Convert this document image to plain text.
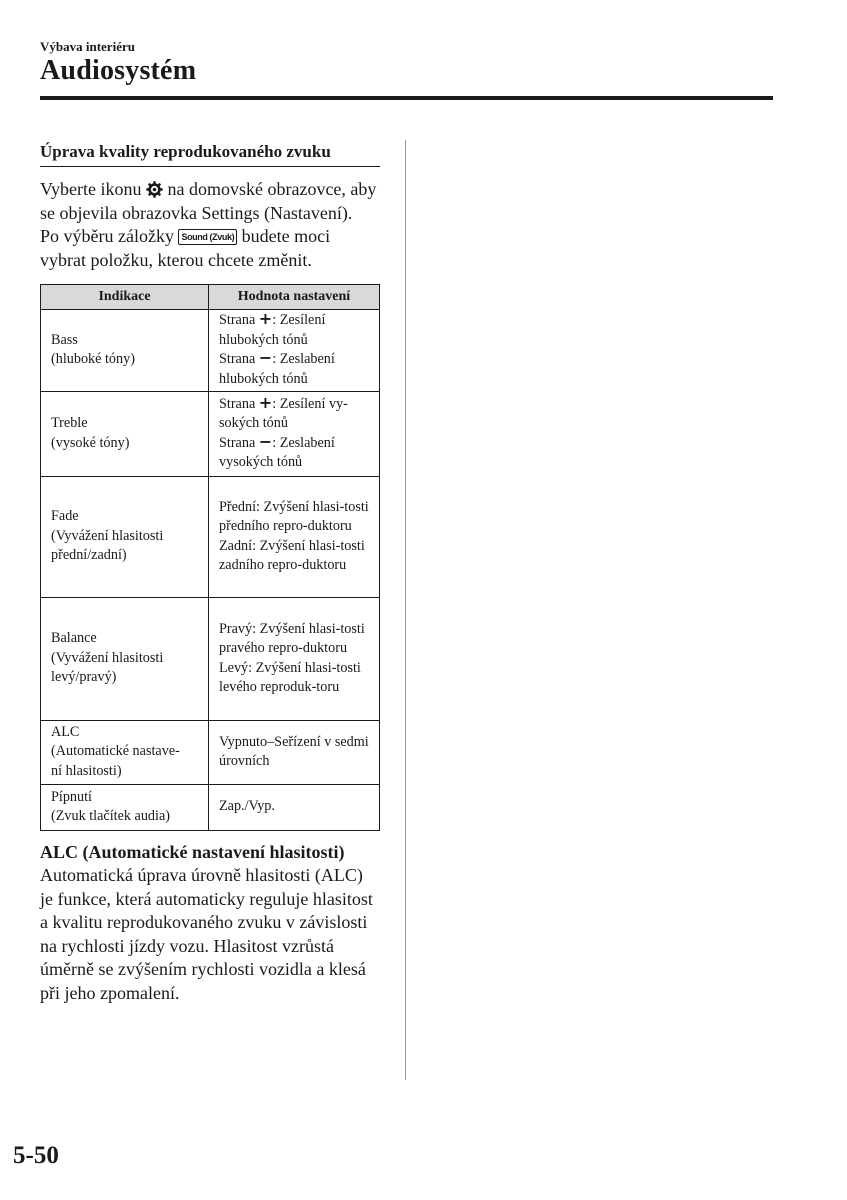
Výbava interiéru
Audiosystém
Úprava kvality reprodukovaného zvuku
Vyberte ikonu  na domovské obrazovce, aby se objevila obrazovka Settings (Nastavení).
Po výběru záložky Sound (Zvuk) budete moci vybrat položku, kterou chcete změnit.
Indikace	Hodnota nastavení

Bass
(hluboké tóny)	Strana +: Zesílení hlubokých tónů
Strana −: Zeslabení hlubokých tónů

Treble
(vysoké tóny)	Strana +: Zesílení vy-sokých tónů
Strana −: Zeslabení vysokých tónů

Fade
(Vyvážení hlasitosti
přední/zadní)	Přední: Zvýšení hlasi-tosti předního repro-duktoru
Zadní: Zvýšení hlasi-tosti zadního repro-duktoru

Balance
(Vyvážení hlasitosti
levý/pravý)	Pravý: Zvýšení hlasi-tosti pravého repro-duktoru
Levý: Zvýšení hlasi-tosti levého reproduk-toru

ALC
(Automatické nastave-
ní hlasitosti)	Vypnuto–Seřízení v sedmi úrovních

Pípnutí
(Zvuk tlačítek audia)	Zap./Vyp.
ALC (Automatické nastavení hlasitosti)
Automatická úprava úrovně hlasitosti (ALC) je funkce, která automaticky reguluje hlasitost a kvalitu reprodukovaného zvuku v závislosti na rychlosti jízdy vozu. Hlasitost vzrůstá úměrně se zvýšením rychlosti vozidla a klesá při jeho zpomalení.
5-50
